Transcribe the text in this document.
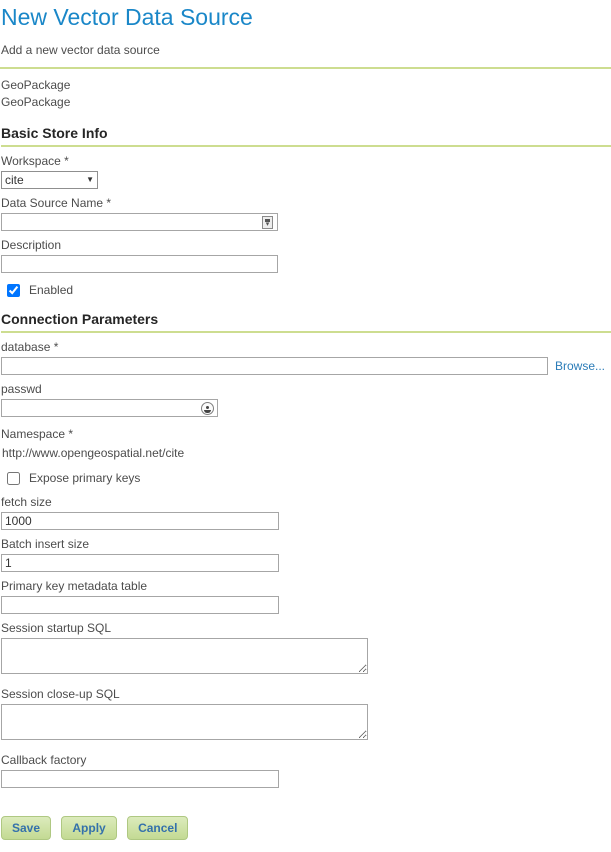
New Vector Data Source
Add a new vector data source
GeoPackage
GeoPackage
Basic Store Info
Workspace *
cite
▼
Data Source Name *
▾
Description
Enabled
Connection Parameters
database *
Browse...
passwd
Namespace *
http://www.opengeospatial.net/cite
Expose primary keys
fetch size
1000
Batch insert size
1
Primary key metadata table
Session startup SQL
Session close-up SQL
Callback factory
Save	Apply	Cancel
